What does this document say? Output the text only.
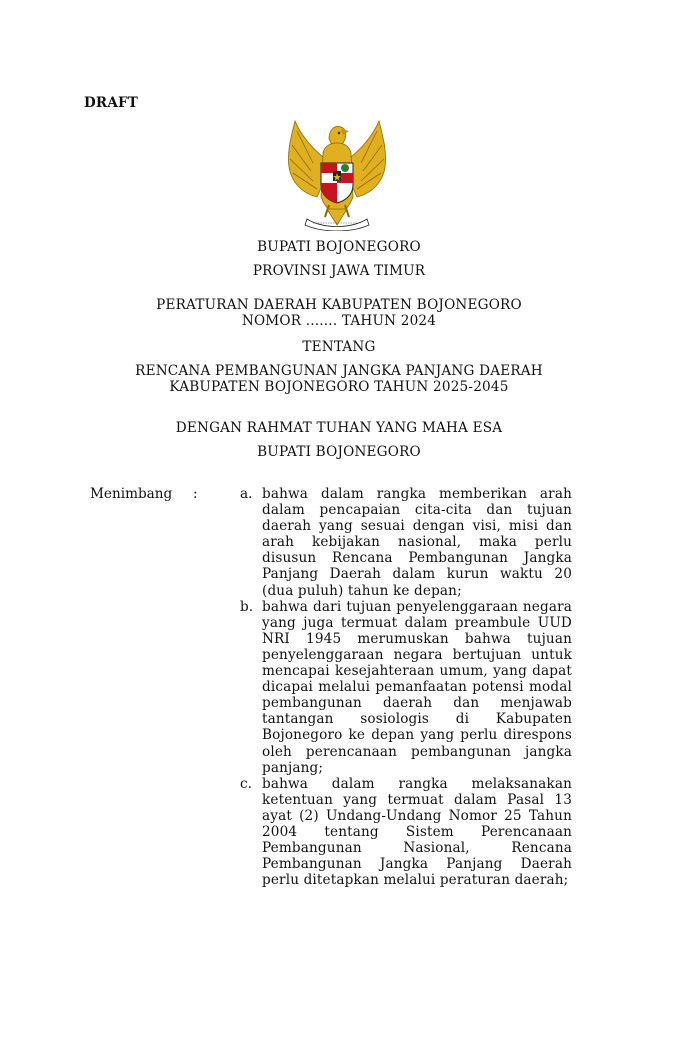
DRAFT
BUPATI BOJONEGORO
PROVINSI JAWA TIMUR
PERATURAN DAERAH KABUPATEN BOJONEGORO
NOMOR ....... TAHUN 2024
TENTANG
RENCANA PEMBANGUNAN JANGKA PANJANG DAERAH
KABUPATEN BOJONEGORO TAHUN 2025-2045
DENGAN RAHMAT TUHAN YANG MAHA ESA
BUPATI BOJONEGORO
Menimbang :	a. bahwa dalam rangka memberikan arah dalam pencapaian cita-cita dan tujuan daerah yang sesuai dengan visi, misi dan arah kebijakan nasional, maka perlu disusun Rencana Pembangunan Jangka Panjang Daerah dalam kurun waktu 20 (dua puluh) tahun ke depan;
b. bahwa dari tujuan penyelenggaraan negara yang juga termuat dalam preambule UUD NRI 1945 merumuskan bahwa tujuan penyelenggaraan negara bertujuan untuk mencapai kesejahteraan umum, yang dapat dicapai melalui pemanfaatan potensi modal pembangunan daerah dan menjawab tantangan sosiologis di Kabupaten Bojonegoro ke depan yang perlu direspons oleh perencanaan pembangunan jangka panjang;
c. bahwa dalam rangka melaksanakan ketentuan yang termuat dalam Pasal 13 ayat (2) Undang-Undang Nomor 25 Tahun 2004 tentang Sistem Perencanaan Pembangunan Nasional, Rencana Pembangunan Jangka Panjang Daerah perlu ditetapkan melalui peraturan daerah;
